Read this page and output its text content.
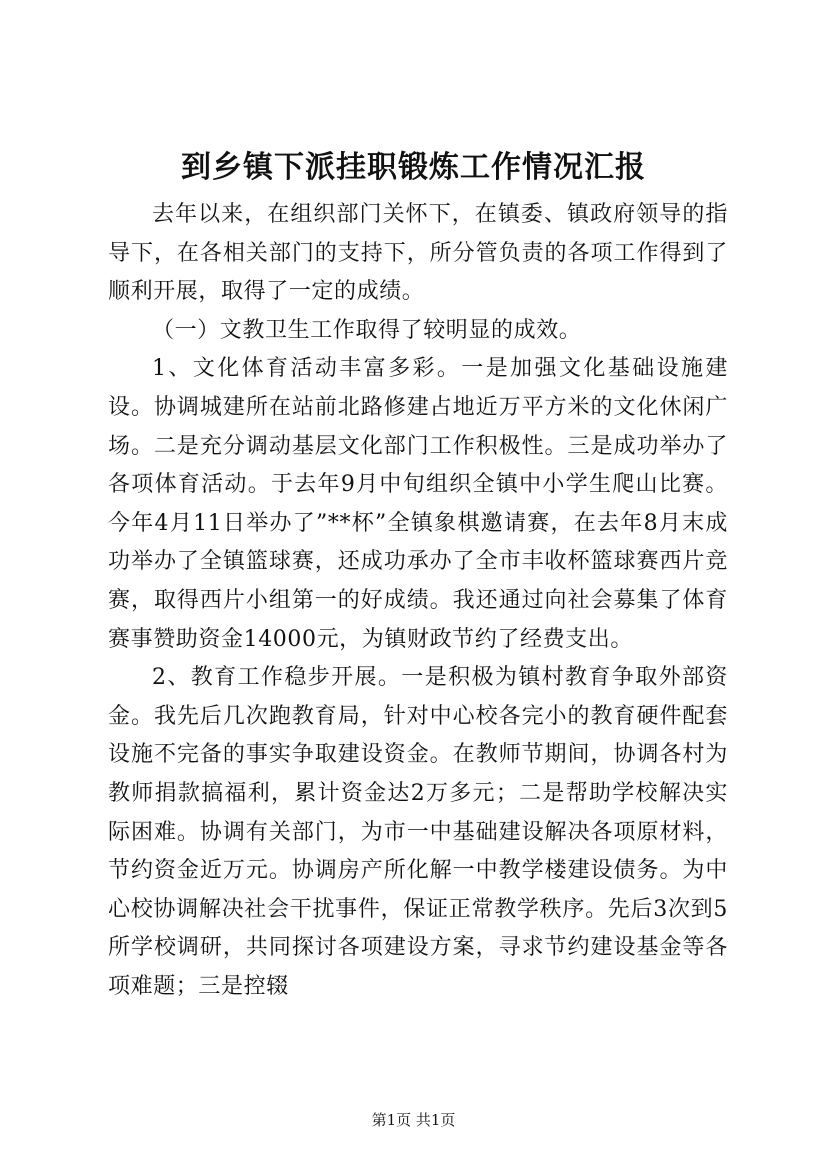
到乡镇下派挂职锻炼工作情况汇报

去年以来，在组织部门关怀下，在镇委、镇政府领导的指导下，在各相关部门的支持下，所分管负责的各项工作得到了顺利开展，取得了一定的成绩。

（一）文教卫生工作取得了较明显的成效。

1、文化体育活动丰富多彩。一是加强文化基础设施建设。协调城建所在站前北路修建占地近万平方米的文化休闲广场。二是充分调动基层文化部门工作积极性。三是成功举办了各项体育活动。于去年9月中旬组织全镇中小学生爬山比赛。今年4月11日举办了”**杯”全镇象棋邀请赛，在去年8月末成功举办了全镇篮球赛，还成功承办了全市丰收杯篮球赛西片竞赛，取得西片小组第一的好成绩。我还通过向社会募集了体育赛事赞助资金14000元，为镇财政节约了经费支出。

2、教育工作稳步开展。一是积极为镇村教育争取外部资金。我先后几次跑教育局，针对中心校各完小的教育硬件配套设施不完备的事实争取建设资金。在教师节期间，协调各村为教师捐款搞福利，累计资金达2万多元；二是帮助学校解决实际困难。协调有关部门，为市一中基础建设解决各项原材料，节约资金近万元。协调房产所化解一中教学楼建设债务。为中心校协调解决社会干扰事件，保证正常教学秩序。先后3次到5所学校调研，共同探讨各项建设方案，寻求节约建设基金等各项难题；三是控辍

第1页 共1页
